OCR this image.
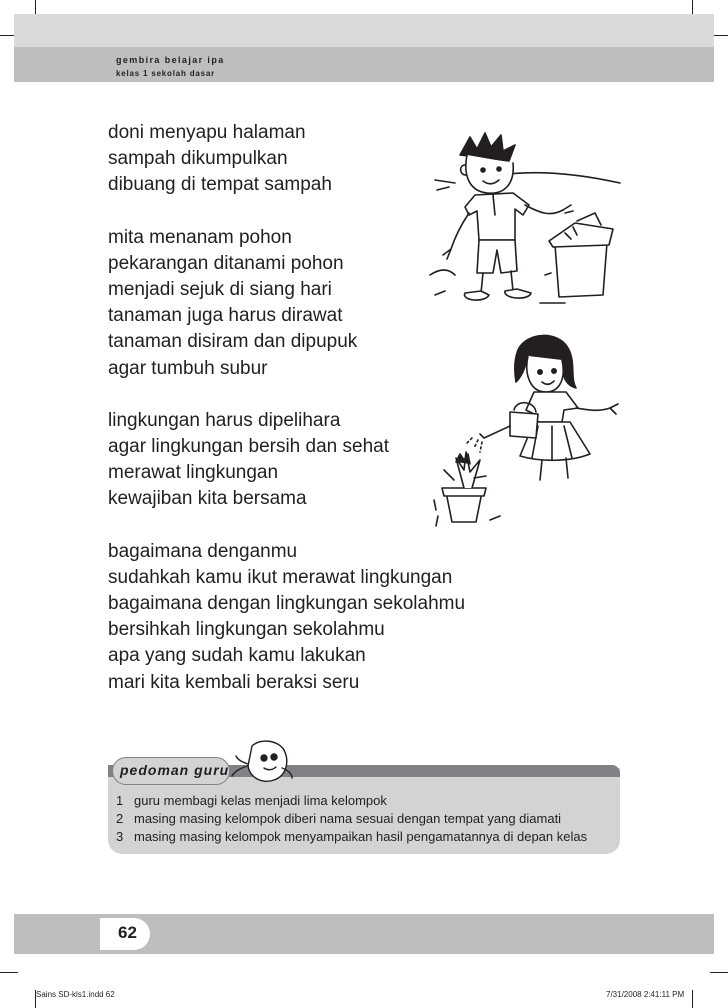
gembira belajar ipa
kelas 1 sekolah dasar
doni menyapu halaman
sampah dikumpulkan
dibuang di tempat sampah
mita menanam pohon
pekarangan ditanami pohon
menjadi sejuk di siang hari
tanaman juga harus dirawat
tanaman disiram dan dipupuk
agar tumbuh subur
lingkungan harus dipelihara
agar lingkungan bersih dan sehat
merawat lingkungan
kewajiban kita bersama
bagaimana denganmu
sudahkah kamu ikut merawat lingkungan
bagaimana dengan lingkungan sekolahmu
bersihkah lingkungan sekolahmu
apa yang sudah kamu lakukan
mari kita kembali beraksi seru
pedoman guru
1 guru membagi kelas menjadi lima kelompok
2 masing masing kelompok diberi nama sesuai dengan tempat yang diamati
3 masing masing kelompok menyampaikan hasil pengamatannya di depan kelas
62
Sains SD-kls1.indd 62	7/31/2008 2:41:11 PM
